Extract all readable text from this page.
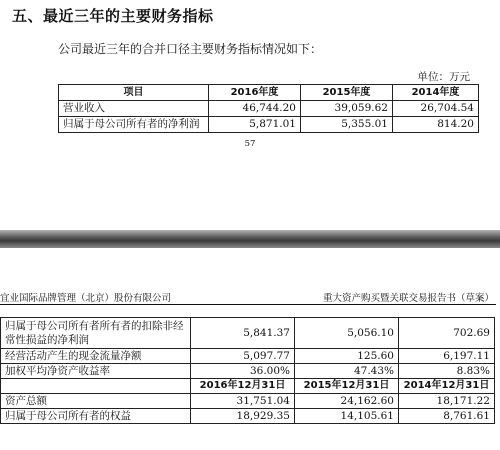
五、最近三年的主要财务指标
公司最近三年的合并口径主要财务指标情况如下：
单位：万元
项目	2016年度	2015年度	2014年度
营业收入	46,744.20	39,059.62	26,704.54
归属于母公司所有者的净利润	5,871.01	5,355.01	814.20
57
宜业国际品牌管理（北京）股份有限公司	重大资产购买暨关联交易报告书（草案）
归属于母公司所有者所有者的扣除非经常性损益的净利润	5,841.37	5,056.10	702.69
经营活动产生的现金流量净额	5,097.77	125.60	6,197.11
加权平均净资产收益率	36.00%	47.43%	8.83%
	2016年12月31日	2015年12月31日	2014年12月31日
资产总额	31,751.04	24,162.60	18,171.22
归属于母公司所有者的权益	18,929.35	14,105.61	8,761.61
